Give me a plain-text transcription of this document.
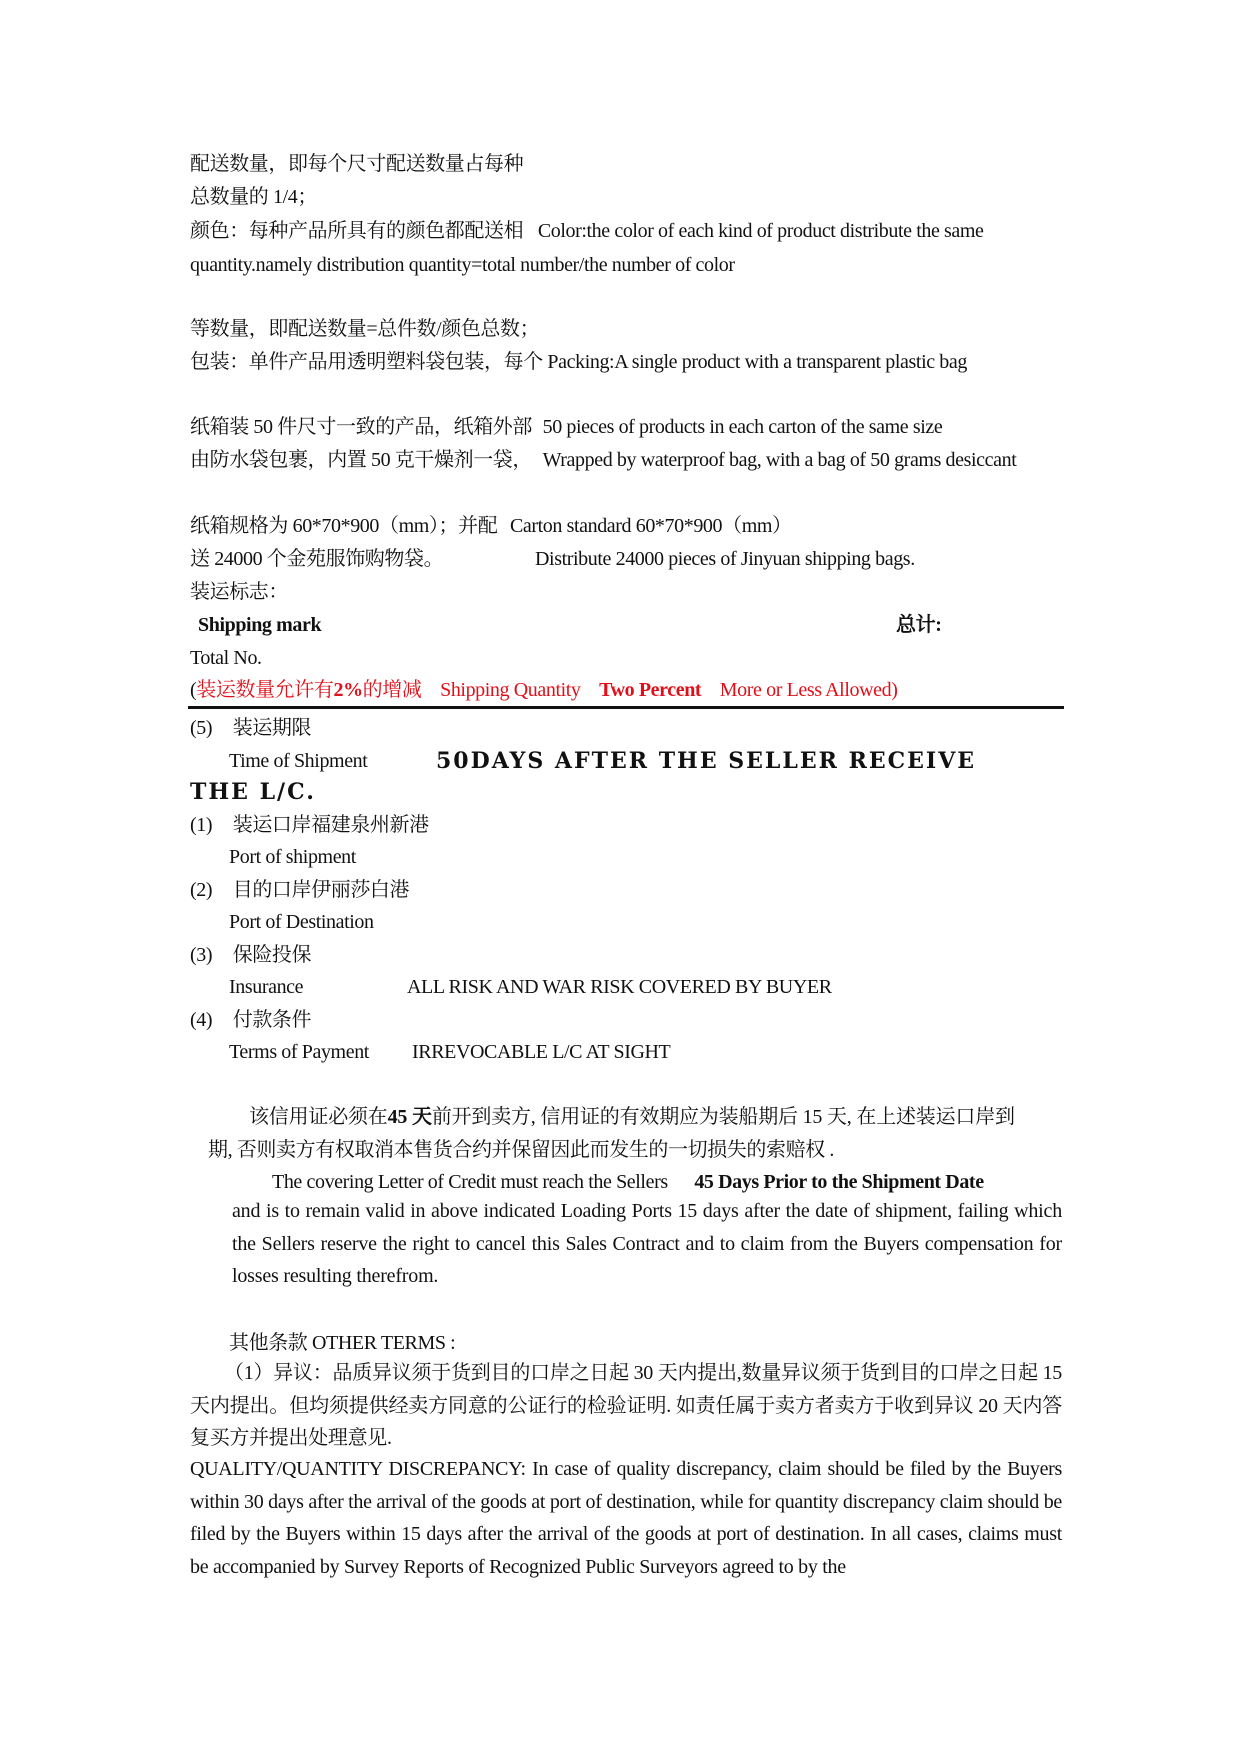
配送数量，即每个尺寸配送数量占每种
总数量的 1/4；
颜色：每种产品所具有的颜色都配送相 Color:the color of each kind of product distribute the same
quantity.namely distribution quantity=total number/the number of color
等数量，即配送数量=总件数/颜色总数；
包装：单件产品用透明塑料袋包装，每个 Packing:A single product with a transparent plastic bag
纸箱装 50 件尺寸一致的产品，纸箱外部 50 pieces of products in each carton of the same size
由防水袋包裹，内置 50 克干燥剂一袋， Wrapped by waterproof bag, with a bag of 50 grams desiccant
纸箱规格为 60*70*900（mm）；并配 Carton standard 60*70*900（mm）
送 24000 个金苑服饰购物袋。	Distribute 24000 pieces of Jinyuan shipping bags.
装运标志：
Shipping mark	总计:
Total No.
(装运数量允许有2%的增减 Shipping Quantity Two Percent More or Less Allowed)
(5) 装运期限
Time of Shipment	50DAYS AFTER THE SELLER RECEIVE
THE L/C.
(1) 装运口岸福建泉州新港
Port of shipment
(2) 目的口岸伊丽莎白港
Port of Destination
(3) 保险投保
Insurance	ALL RISK AND WAR RISK COVERED BY BUYER
(4) 付款条件
Terms of Payment IRREVOCABLE L/C AT SIGHT
该信用证必须在45 天前开到卖方, 信用证的有效期应为装船期后 15 天, 在上述装运口岸到
期, 否则卖方有权取消本售货合约并保留因此而发生的一切损失的索赔权 .
The covering Letter of Credit must reach the Sellers 45 Days Prior to the Shipment Date
and is to remain valid in above indicated Loading Ports 15 days after the date of shipment, failing which the Sellers reserve the right to cancel this Sales Contract and to claim from the Buyers compensation for losses resulting therefrom.
其他条款 OTHER TERMS :
（1）异议：品质异议须于货到目的口岸之日起 30 天内提出,数量异议须于货到目的口岸之日起 15 天内提出。但均须提供经卖方同意的公证行的检验证明. 如责任属于卖方者卖方于收到异议 20 天内答复买方并提出处理意见.
QUALITY/QUANTITY DISCREPANCY: In case of quality discrepancy, claim should be filed by the Buyers within 30 days after the arrival of the goods at port of destination, while for quantity discrepancy claim should be filed by the Buyers within 15 days after the arrival of the goods at port of destination. In all cases, claims must be accompanied by Survey Reports of Recognized Public Surveyors agreed to by the
